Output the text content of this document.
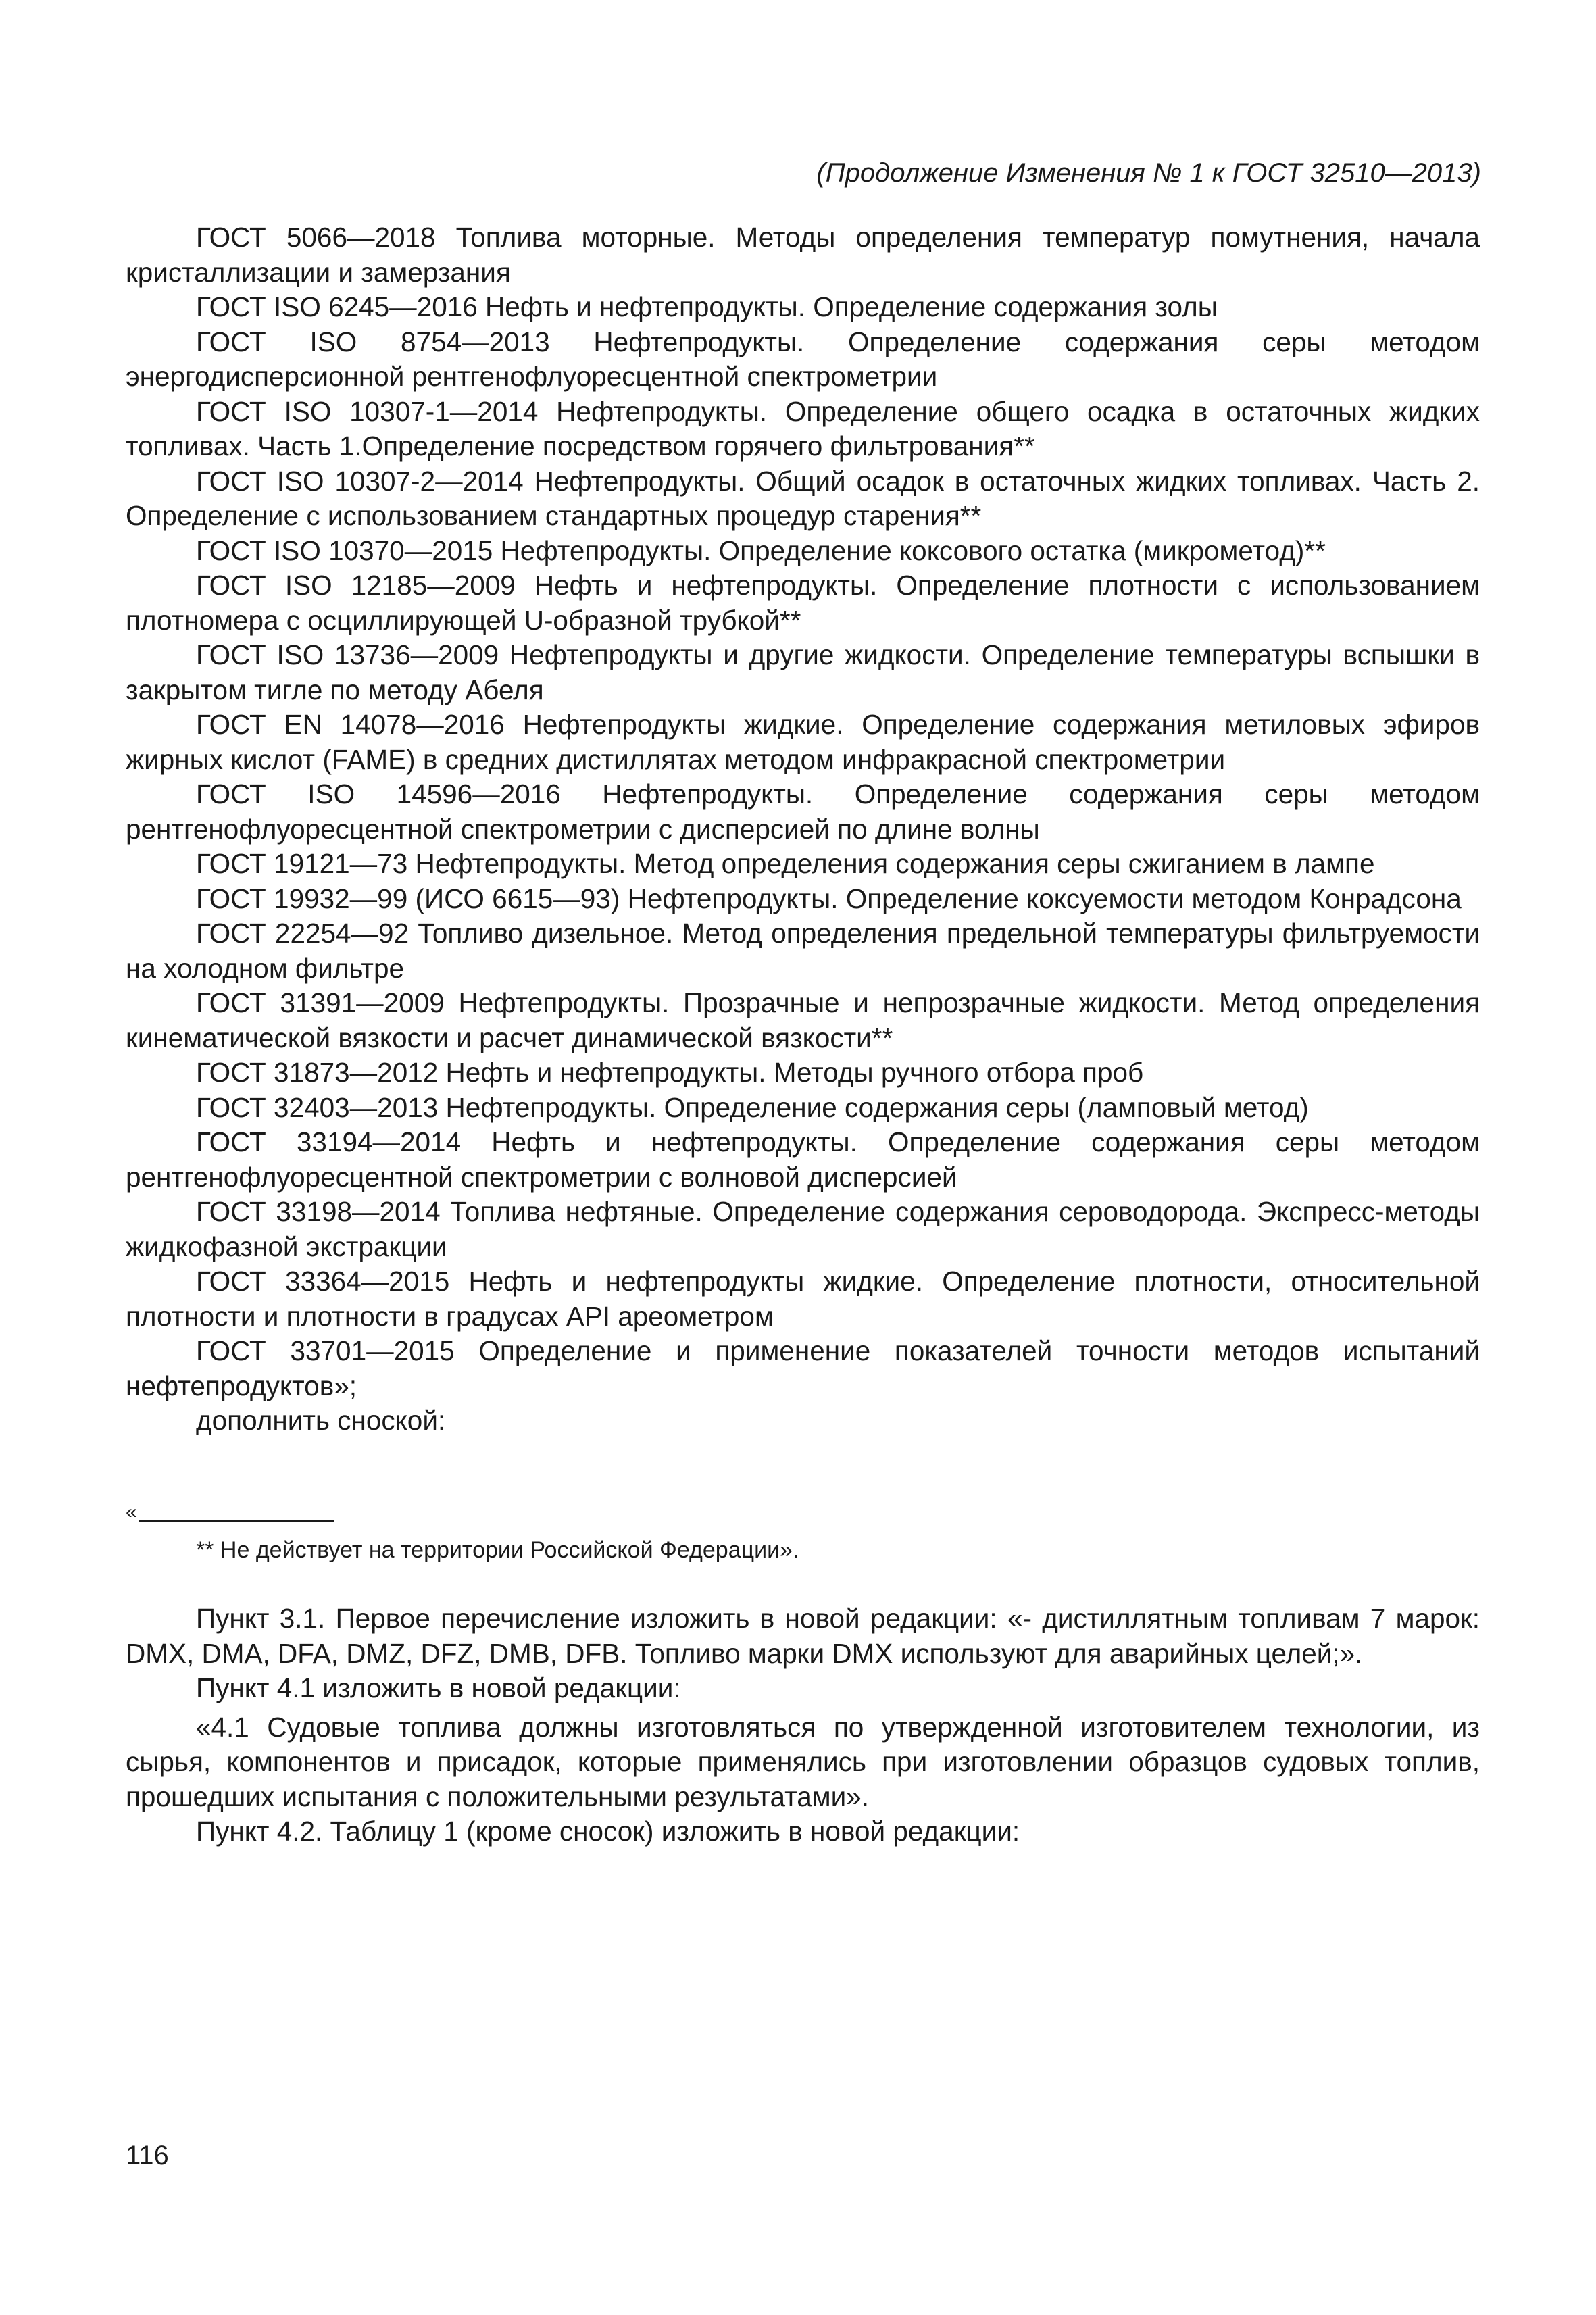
(Продолжение Изменения № 1 к ГОСТ 32510—2013)

ГОСТ 5066—2018 Топлива моторные. Методы определения температур помутнения, начала кристаллизации и замерзания

ГОСТ ISO 6245—2016 Нефть и нефтепродукты. Определение содержания золы

ГОСТ ISO 8754—2013 Нефтепродукты. Определение содержания серы методом энергодисперсионной рентгенофлуоресцентной спектрометрии

ГОСТ ISO 10307-1—2014 Нефтепродукты. Определение общего осадка в остаточных жидких топливах. Часть 1.Определение посредством горячего фильтрования**

ГОСТ ISO 10307-2—2014 Нефтепродукты. Общий осадок в остаточных жидких топливах. Часть 2. Определение с использованием стандартных процедур старения**

ГОСТ ISO 10370—2015 Нефтепродукты. Определение коксового остатка (микрометод)**

ГОСТ ISO 12185—2009 Нефть и нефтепродукты. Определение плотности с использованием плотномера с осциллирующей U-образной трубкой**

ГОСТ ISO 13736—2009 Нефтепродукты и другие жидкости. Определение температуры вспышки в закрытом тигле по методу Абеля

ГОСТ EN 14078—2016 Нефтепродукты жидкие. Определение содержания метиловых эфиров жирных кислот (FAME) в средних дистиллятах методом инфракрасной спектрометрии

ГОСТ ISO 14596—2016 Нефтепродукты. Определение содержания серы методом рентгенофлуоресцентной спектрометрии с дисперсией по длине волны

ГОСТ 19121—73 Нефтепродукты. Метод определения содержания серы сжиганием в лампе

ГОСТ 19932—99 (ИСО 6615—93) Нефтепродукты. Определение коксуемости методом Конрадсона

ГОСТ 22254—92 Топливо дизельное. Метод определения предельной температуры фильтруемости на холодном фильтре

ГОСТ 31391—2009 Нефтепродукты. Прозрачные и непрозрачные жидкости. Метод определения кинематической вязкости и расчет динамической вязкости**

ГОСТ 31873—2012 Нефть и нефтепродукты. Методы ручного отбора проб

ГОСТ 32403—2013 Нефтепродукты. Определение содержания серы (ламповый метод)

ГОСТ 33194—2014 Нефть и нефтепродукты. Определение содержания серы методом рентгенофлуоресцентной спектрометрии с волновой дисперсией

ГОСТ 33198—2014 Топлива нефтяные. Определение содержания сероводорода. Экспресс-методы жидкофазной экстракции

ГОСТ 33364—2015 Нефть и нефтепродукты жидкие. Определение плотности, относительной плотности и плотности в градусах API ареометром

ГОСТ 33701—2015 Определение и применение показателей точности методов испытаний нефтепродуктов»;

дополнить сноской:

«

** Не действует на территории Российской Федерации».

Пункт 3.1. Первое перечисление изложить в новой редакции: «- дистиллятным топливам 7 марок: DMX, DMA, DFA, DMZ, DFZ, DMB, DFB. Топливо марки DMX используют для аварийных целей;».

Пункт 4.1 изложить в новой редакции:

«4.1 Судовые топлива должны изготовляться по утвержденной изготовителем технологии, из сырья, компонентов и присадок, которые применялись при изготовлении образцов судовых топлив, прошедших испытания с положительными результатами».

Пункт 4.2. Таблицу 1 (кроме сносок) изложить в новой редакции:

116
